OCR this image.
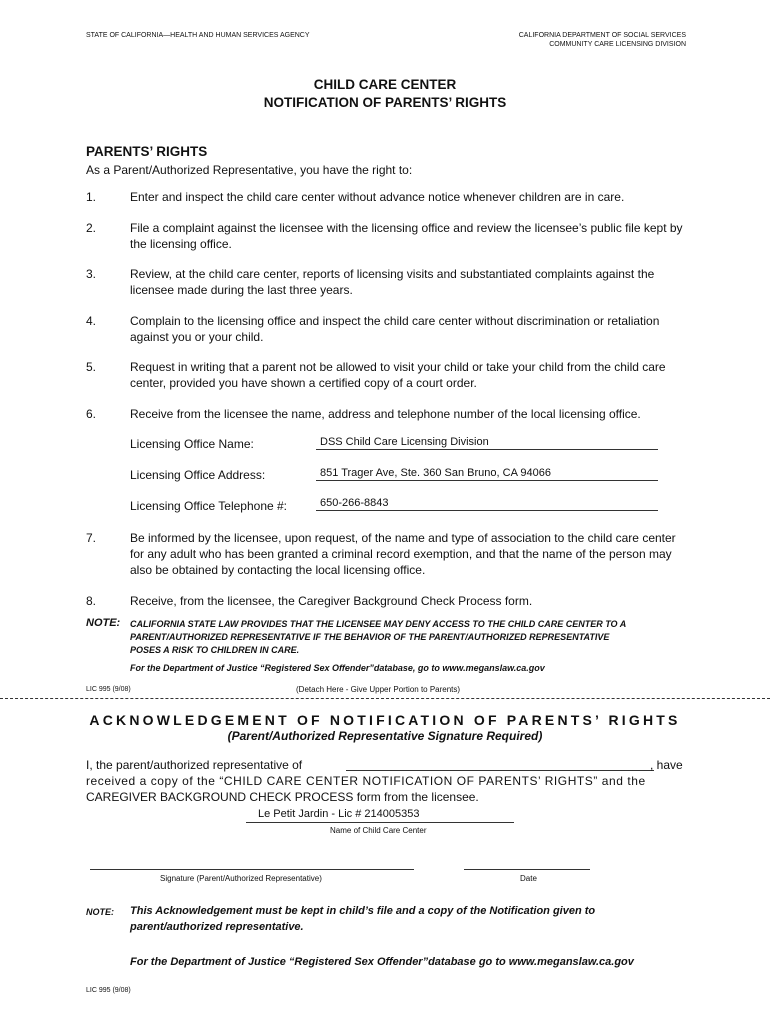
STATE OF CALIFORNIA—HEALTH AND HUMAN SERVICES AGENCY	CALIFORNIA DEPARTMENT OF SOCIAL SERVICES
COMMUNITY CARE LICENSING DIVISION
CHILD CARE CENTER
NOTIFICATION OF PARENTS’ RIGHTS
PARENTS’ RIGHTS
As a Parent/Authorized Representative, you have the right to:
1.	Enter and inspect the child care center without advance notice whenever children are in care.
2.	File a complaint against the licensee with the licensing office and review the licensee’s public file kept by the licensing office.
3.	Review, at the child care center, reports of licensing visits and substantiated complaints against the licensee made during the last three years.
4.	Complain to the licensing office and inspect the child care center without discrimination or retaliation against you or your child.
5.	Request in writing that a parent not be allowed to visit your child or take your child from the child care center, provided you have shown a certified copy of a court order.
6.	Receive from the licensee the name, address and telephone number of the local licensing office.
Licensing Office Name:	DSS Child Care Licensing Division
Licensing Office Address:	851 Trager Ave, Ste. 360 San Bruno, CA 94066
Licensing Office Telephone #:	650-266-8843
7.	Be informed by the licensee, upon request, of the name and type of association to the child care center for any adult who has been granted a criminal record exemption, and that the name of the person may also be obtained by contacting the local licensing office.
8.	Receive, from the licensee, the Caregiver Background Check Process form.
NOTE: CALIFORNIA STATE LAW PROVIDES THAT THE LICENSEE MAY DENY ACCESS TO THE CHILD CARE CENTER TO A
PARENT/AUTHORIZED REPRESENTATIVE IF THE BEHAVIOR OF THE PARENT/AUTHORIZED REPRESENTATIVE
POSES A RISK TO CHILDREN IN CARE.
For the Department of Justice “Registered Sex Offender”database, go to www.meganslaw.ca.gov
LIC 995 (9/08)	(Detach Here - Give Upper Portion to Parents)
ACKNOWLEDGEMENT OF NOTIFICATION OF PARENTS’ RIGHTS
(Parent/Authorized Representative Signature Required)
I, the parent/authorized representative of	, have
received a copy of the “CHILD CARE CENTER NOTIFICATION OF PARENTS’ RIGHTS” and the
CAREGIVER BACKGROUND CHECK PROCESS form from the licensee.
Le Petit Jardin - Lic # 214005353
Name of Child Care Center
Signature (Parent/Authorized Representative)	Date
NOTE: This Acknowledgement must be kept in child’s file and a copy of the Notification given to
parent/authorized representative.
For the Department of Justice “Registered Sex Offender”database go to www.meganslaw.ca.gov
LIC 995 (9/08)
